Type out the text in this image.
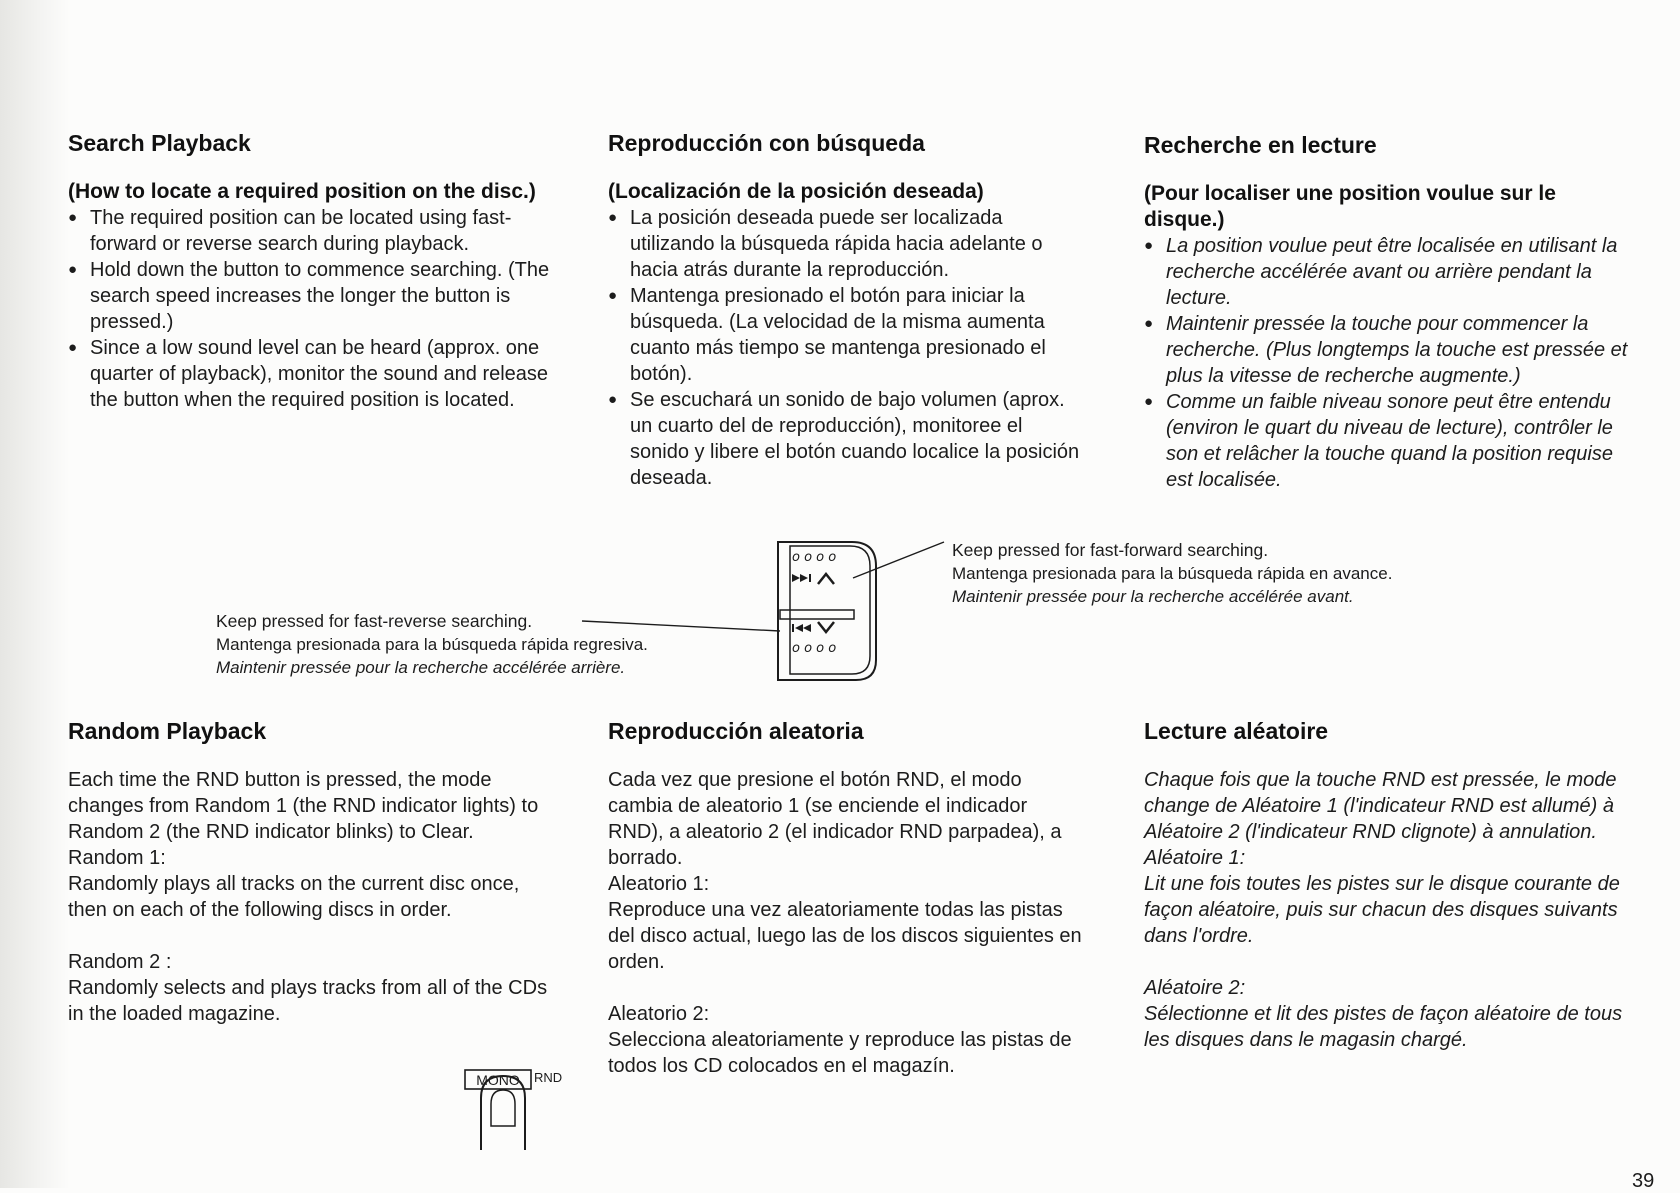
Search Playback
(How to locate a required position on the disc.)
● The required position can be located using fast-forward or reverse search during playback.
● Hold down the button to commence searching. (The search speed increases the longer the button is pressed.)
● Since a low sound level can be heard (approx. one quarter of playback), monitor the sound and release the button when the required position is located.
Reproducción con búsqueda
(Localización de la posición deseada)
● La posición deseada puede ser localizada utilizando la búsqueda rápida hacia adelante o hacia atrás durante la reproducción.
● Mantenga presionado el botón para iniciar la búsqueda. (La velocidad de la misma aumenta cuanto más tiempo se mantenga presionado el botón).
● Se escuchará un sonido de bajo volumen (aprox. un cuarto del de reproducción), monitoree el sonido y libere el botón cuando localice la posición deseada.
Recherche en lecture
(Pour localiser une position voulue sur le disque.)
● La position voulue peut être localisée en utilisant la recherche accélérée avant ou arrière pendant la lecture.
● Maintenir pressée la touche pour commencer la recherche. (Plus longtemps la touche est pressée et plus la vitesse de recherche augmente.)
● Comme un faible niveau sonore peut être entendu (environ le quart du niveau de lecture), contrôler le son et relâcher la touche quand la position requise est localisée.
o o o o
o o o o
Keep pressed for fast-forward searching.
Mantenga presionada para la búsqueda rápida en avance.
Maintenir pressée pour la recherche accélérée avant.
Keep pressed for fast-reverse searching.
Mantenga presionada para la búsqueda rápida regresiva.
Maintenir pressée pour la recherche accélérée arrière.
Random Playback

Each time the RND button is pressed, the mode changes from Random 1 (the RND indicator lights) to Random 2 (the RND indicator blinks) to Clear.

Random 1:

Randomly plays all tracks on the current disc once, then on each of the following discs in order.

Random 2 :

Randomly selects and plays tracks from all of the CDs in the loaded magazine.

Reproducción aleatoria

Cada vez que presione el botón RND, el modo cambia de aleatorio 1 (se enciende el indicador RND), a aleatorio 2 (el indicador RND parpadea), a borrado.

Aleatorio 1:

Reproduce una vez aleatoriamente todas las pistas del disco actual, luego las de los discos siguientes en orden.

Aleatorio 2:

Selecciona aleatoriamente y reproduce las pistas de todos los CD colocados en el magazín.

Lecture aléatoire

Chaque fois que la touche RND est pressée, le mode change de Aléatoire 1 (l'indicateur RND est allumé) à Aléatoire 2 (l'indicateur RND clignote) à annulation.

Aléatoire 1:

Lit une fois toutes les pistes sur le disque courante de façon aléatoire, puis sur chacun des disques suivants dans l'ordre.

Aléatoire 2:

Sélectionne et lit des pistes de façon aléatoire de tous les disques dans le magasin chargé.

MONO RND
39
